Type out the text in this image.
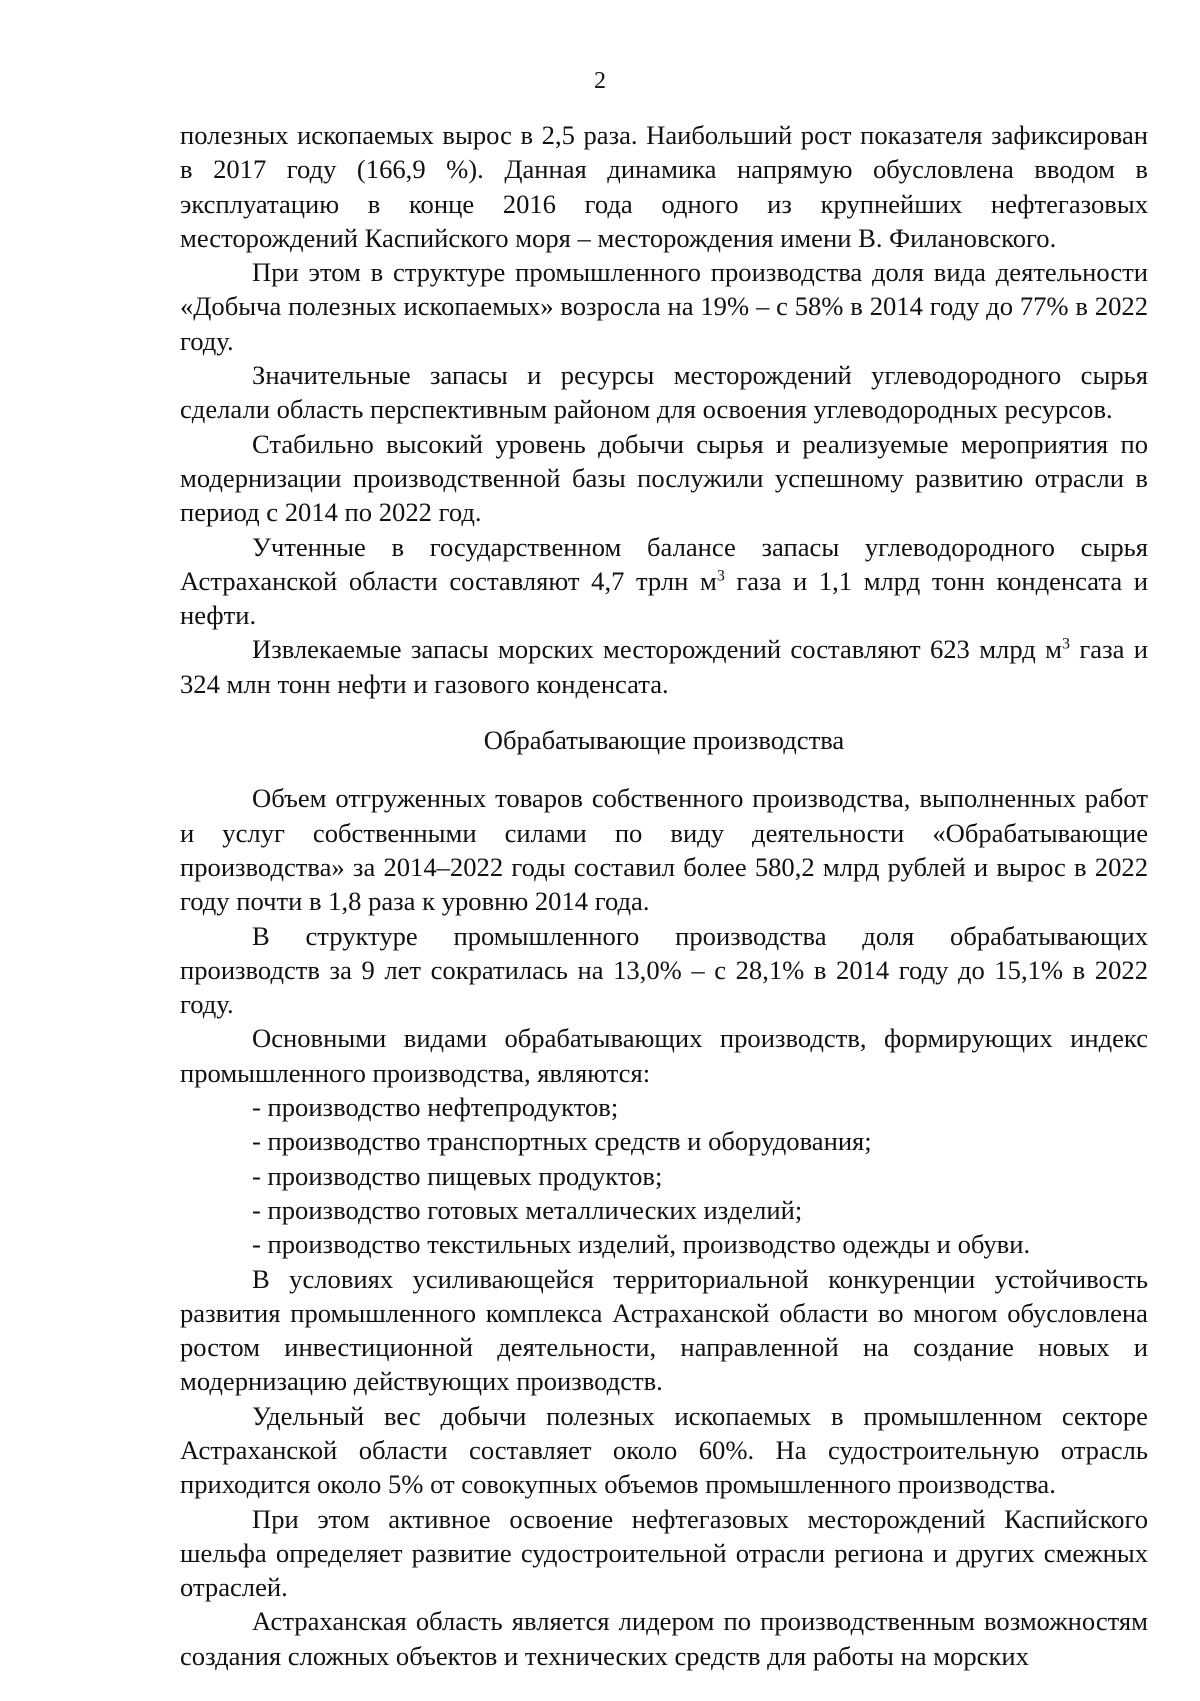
2

полезных ископаемых вырос в 2,5 раза. Наибольший рост показателя зафиксирован в 2017 году (166,9 %). Данная динамика напрямую обусловлена вводом в эксплуатацию в конце 2016 года одного из крупнейших нефтегазовых месторождений Каспийского моря – месторождения имени В. Филановского.

При этом в структуре промышленного производства доля вида деятельности «Добыча полезных ископаемых» возросла на 19% – с 58% в 2014 году до 77% в 2022 году.

Значительные запасы и ресурсы месторождений углеводородного сырья сделали область перспективным районом для освоения углеводородных ресурсов.

Стабильно высокий уровень добычи сырья и реализуемые мероприятия по модернизации производственной базы послужили успешному развитию отрасли в период с 2014 по 2022 год.

Учтенные в государственном балансе запасы углеводородного сырья Астраханской области составляют 4,7 трлн $м^3$ газа и 1,1 млрд тонн конденсата и нефти.

Извлекаемые запасы морских месторождений составляют 623 млрд $м^3$ газа и 324 млн тонн нефти и газового конденсата.

Обрабатывающие производства

Объем отгруженных товаров собственного производства, выполненных работ и услуг собственными силами по виду деятельности «Обрабатывающие производства» за 2014–2022 годы составил более 580,2 млрд рублей и вырос в 2022 году почти в 1,8 раза к уровню 2014 года.

В структуре промышленного производства доля обрабатывающих производств за 9 лет сократилась на 13,0% – с 28,1% в 2014 году до 15,1% в 2022 году.

Основными видами обрабатывающих производств, формирующих индекс промышленного производства, являются:

- производство нефтепродуктов;
- производство транспортных средств и оборудования;
- производство пищевых продуктов;
- производство готовых металлических изделий;
- производство текстильных изделий, производство одежды и обуви.

В условиях усиливающейся территориальной конкуренции устойчивость развития промышленного комплекса Астраханской области во многом обусловлена ростом инвестиционной деятельности, направленной на создание новых и модернизацию действующих производств.

Удельный вес добычи полезных ископаемых в промышленном секторе Астраханской области составляет около 60%. На судостроительную отрасль приходится около 5% от совокупных объемов промышленного производства.

При этом активное освоение нефтегазовых месторождений Каспийского шельфа определяет развитие судостроительной отрасли региона и других смежных отраслей.

Астраханская область является лидером по производственным возможностям создания сложных объектов и технических средств для работы на морских
